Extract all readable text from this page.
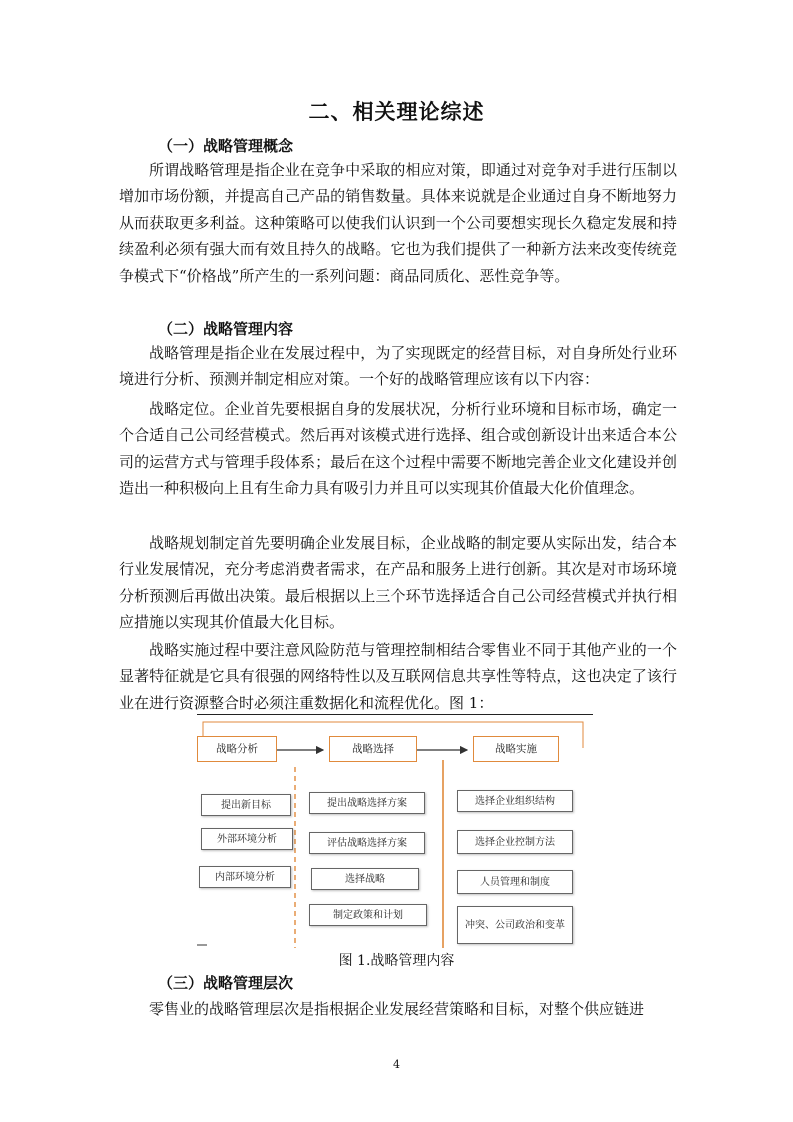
二、相关理论综述
（一）战略管理概念

所谓战略管理是指企业在竞争中采取的相应对策，即通过对竞争对手进行压制以增加市场份额，并提高自己产品的销售数量。具体来说就是企业通过自身不断地努力从而获取更多利益。这种策略可以使我们认识到一个公司要想实现长久稳定发展和持续盈利必须有强大而有效且持久的战略。它也为我们提供了一种新方法来改变传统竞争模式下“价格战”所产生的一系列问题：商品同质化、恶性竞争等。

（二）战略管理内容

战略管理是指企业在发展过程中，为了实现既定的经营目标，对自身所处行业环境进行分析、预测并制定相应对策。一个好的战略管理应该有以下内容：

战略定位。企业首先要根据自身的发展状况，分析行业环境和目标市场，确定一个合适自己公司经营模式。然后再对该模式进行选择、组合或创新设计出来适合本公司的运营方式与管理手段体系；最后在这个过程中需要不断地完善企业文化建设并创造出一种积极向上且有生命力具有吸引力并且可以实现其价值最大化价值理念。

战略规划制定首先要明确企业发展目标，企业战略的制定要从实际出发，结合本行业发展情况，充分考虑消费者需求，在产品和服务上进行创新。其次是对市场环境分析预测后再做出决策。最后根据以上三个环节选择适合自己公司经营模式并执行相应措施以实现其价值最大化目标。

战略实施过程中要注意风险防范与管理控制相结合零售业不同于其他产业的一个显著特征就是它具有很强的网络特性以及互联网信息共享性等特点，这也决定了该行业在进行资源整合时必须注重数据化和流程优化。图 1：

战略分析
提出新目标
外部环境分析
内部环境分析
战略选择
提出战略选择方案
评估战略选择方案
选择战略
制定政策和计划
战略实施
选择企业组织结构
选择企业控制方法
人员管理和制度
冲突、公司政治和变革
图 1.战略管理内容
（三）战略管理层次

零售业的战略管理层次是指根据企业发展经营策略和目标，对整个供应链进

4
